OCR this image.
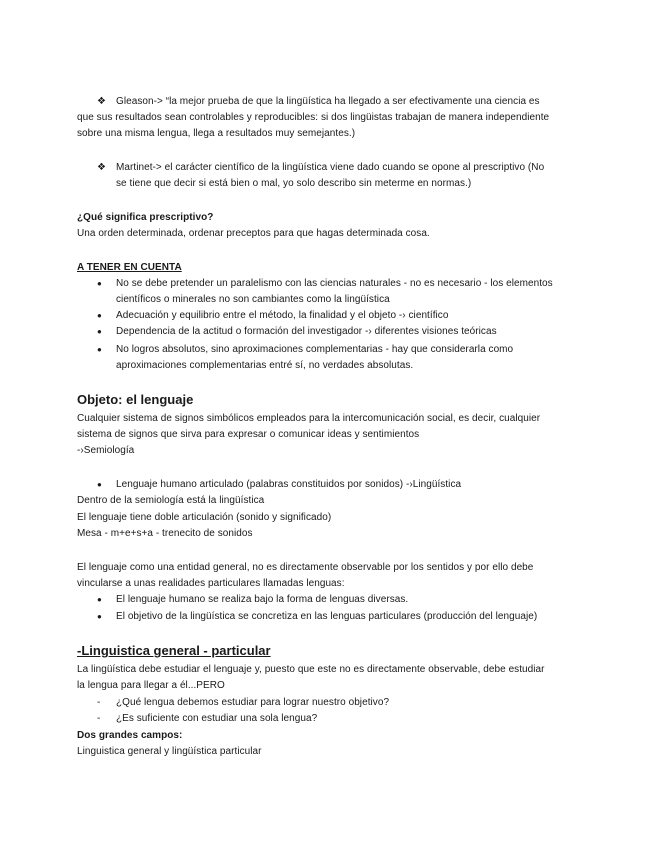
❖ Gleason-> “la mejor prueba de que la lingüística ha llegado a ser efectivamente una ciencia es
que sus resultados sean controlables y reproducibles: si dos lingüistas trabajan de manera independiente
sobre una misma lengua, llega a resultados muy semejantes.)
❖ Martinet-> el carácter científico de la lingüística viene dado cuando se opone al prescriptivo (No
se tiene que decir si está bien o mal, yo solo describo sin meterme en normas.)
¿Qué significa prescriptivo?
Una orden determinada, ordenar preceptos para que hagas determinada cosa.
A TENER EN CUENTA
● No se debe pretender un paralelismo con las ciencias naturales - no es necesario - los elementos
científicos o minerales no son cambiantes como la lingüística
● Adecuación y equilibrio entre el método, la finalidad y el objeto -› científico
● Dependencia de la actitud o formación del investigador -› diferentes visiones teóricas
● No logros absolutos, sino aproximaciones complementarias - hay que considerarla como
aproximaciones complementarias entré sí, no verdades absolutas.
Objeto: el lenguaje
Cualquier sistema de signos simbólicos empleados para la intercomunicación social, es decir, cualquier
sistema de signos que sirva para expresar o comunicar ideas y sentimientos
-›Semiología
● Lenguaje humano articulado (palabras constituidos por sonidos) -›Lingüística
Dentro de la semiología está la lingüística
El lenguaje tiene doble articulación (sonido y significado)
Mesa - m+e+s+a - trenecito de sonidos
El lenguaje como una entidad general, no es directamente observable por los sentidos y por ello debe
vincularse a unas realidades particulares llamadas lenguas:
● El lenguaje humano se realiza bajo la forma de lenguas diversas.
● El objetivo de la lingüística se concretiza en las lenguas particulares (producción del lenguaje)
-Linguistica general - particular
La lingüística debe estudiar el lenguaje y, puesto que este no es directamente observable, debe estudiar
la lengua para llegar a él...PERO
- ¿Qué lengua debemos estudiar para lograr nuestro objetivo?
- ¿Es suficiente con estudiar una sola lengua?
Dos grandes campos:
Linguistica general y lingüística particular
